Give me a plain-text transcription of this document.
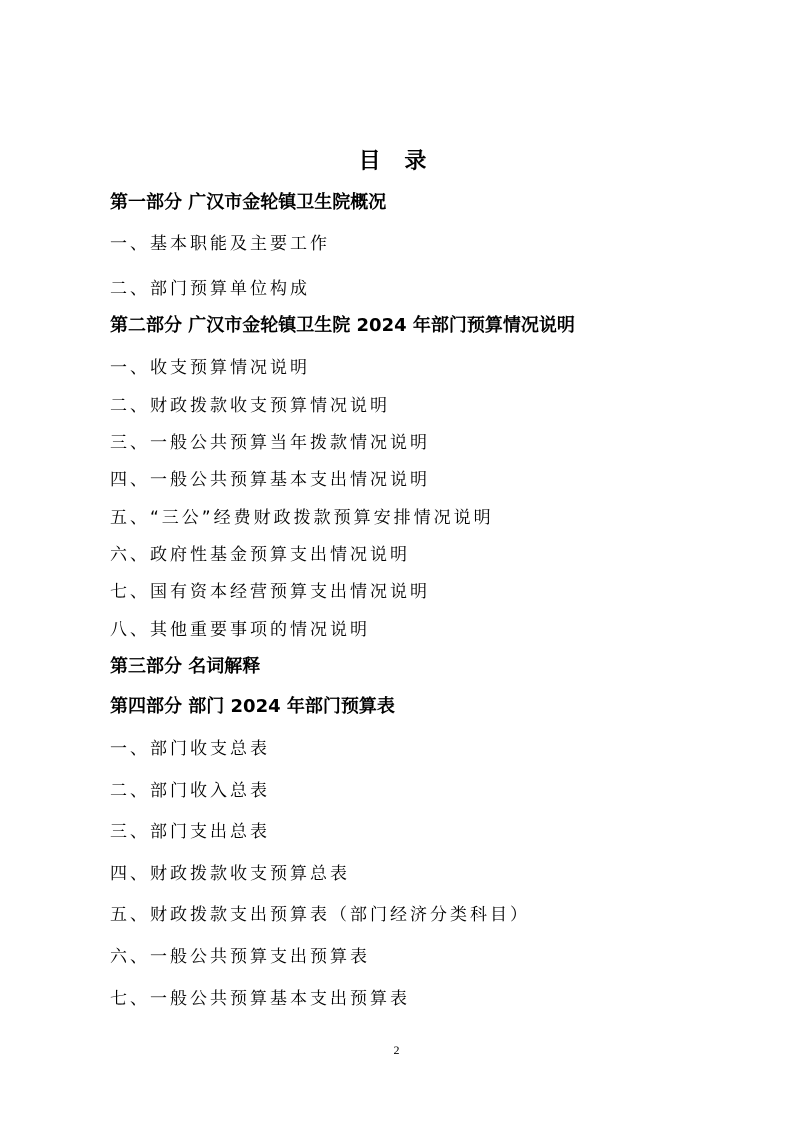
目 录
第一部分 广汉市金轮镇卫生院概况
一、基本职能及主要工作
二、部门预算单位构成
第二部分 广汉市金轮镇卫生院 2024 年部门预算情况说明
一、收支预算情况说明
二、财政拨款收支预算情况说明
三、一般公共预算当年拨款情况说明
四、一般公共预算基本支出情况说明
五、“三公”经费财政拨款预算安排情况说明
六、政府性基金预算支出情况说明
七、国有资本经营预算支出情况说明
八、其他重要事项的情况说明
第三部分 名词解释
第四部分 部门 2024 年部门预算表
一、部门收支总表
二、部门收入总表
三、部门支出总表
四、财政拨款收支预算总表
五、财政拨款支出预算表（部门经济分类科目）
六、一般公共预算支出预算表
七、一般公共预算基本支出预算表
2
